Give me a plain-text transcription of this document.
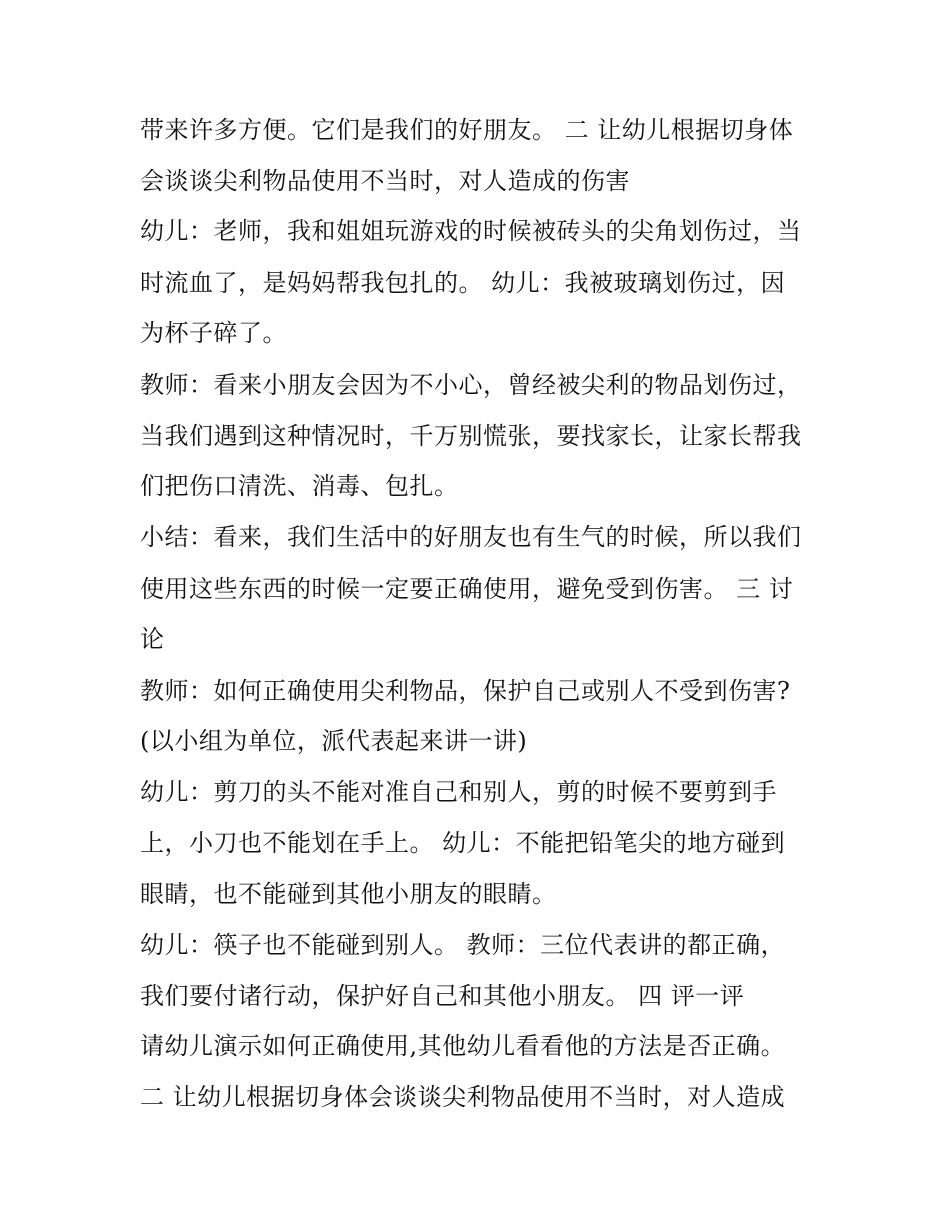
带来许多方便。它们是我们的好朋友。 二 让幼儿根据切身体
会谈谈尖利物品使用不当时，对人造成的伤害
幼儿：老师，我和姐姐玩游戏的时候被砖头的尖角划伤过，当
时流血了，是妈妈帮我包扎的。 幼儿：我被玻璃划伤过，因
为杯子碎了。
教师：看来小朋友会因为不小心，曾经被尖利的物品划伤过，
当我们遇到这种情况时，千万别慌张，要找家长，让家长帮我
们把伤口清洗、消毒、包扎。
小结：看来，我们生活中的好朋友也有生气的时候，所以我们
使用这些东西的时候一定要正确使用，避免受到伤害。 三 讨
论
教师：如何正确使用尖利物品，保护自己或别人不受到伤害?
(以小组为单位，派代表起来讲一讲)
幼儿：剪刀的头不能对准自己和别人，剪的时候不要剪到手
上，小刀也不能划在手上。 幼儿：不能把铅笔尖的地方碰到
眼睛，也不能碰到其他小朋友的眼睛。
幼儿：筷子也不能碰到别人。 教师：三位代表讲的都正确，
我们要付诸行动，保护好自己和其他小朋友。 四 评一评
请幼儿演示如何正确使用,其他幼儿看看他的方法是否正确。
二 让幼儿根据切身体会谈谈尖利物品使用不当时，对人造成
